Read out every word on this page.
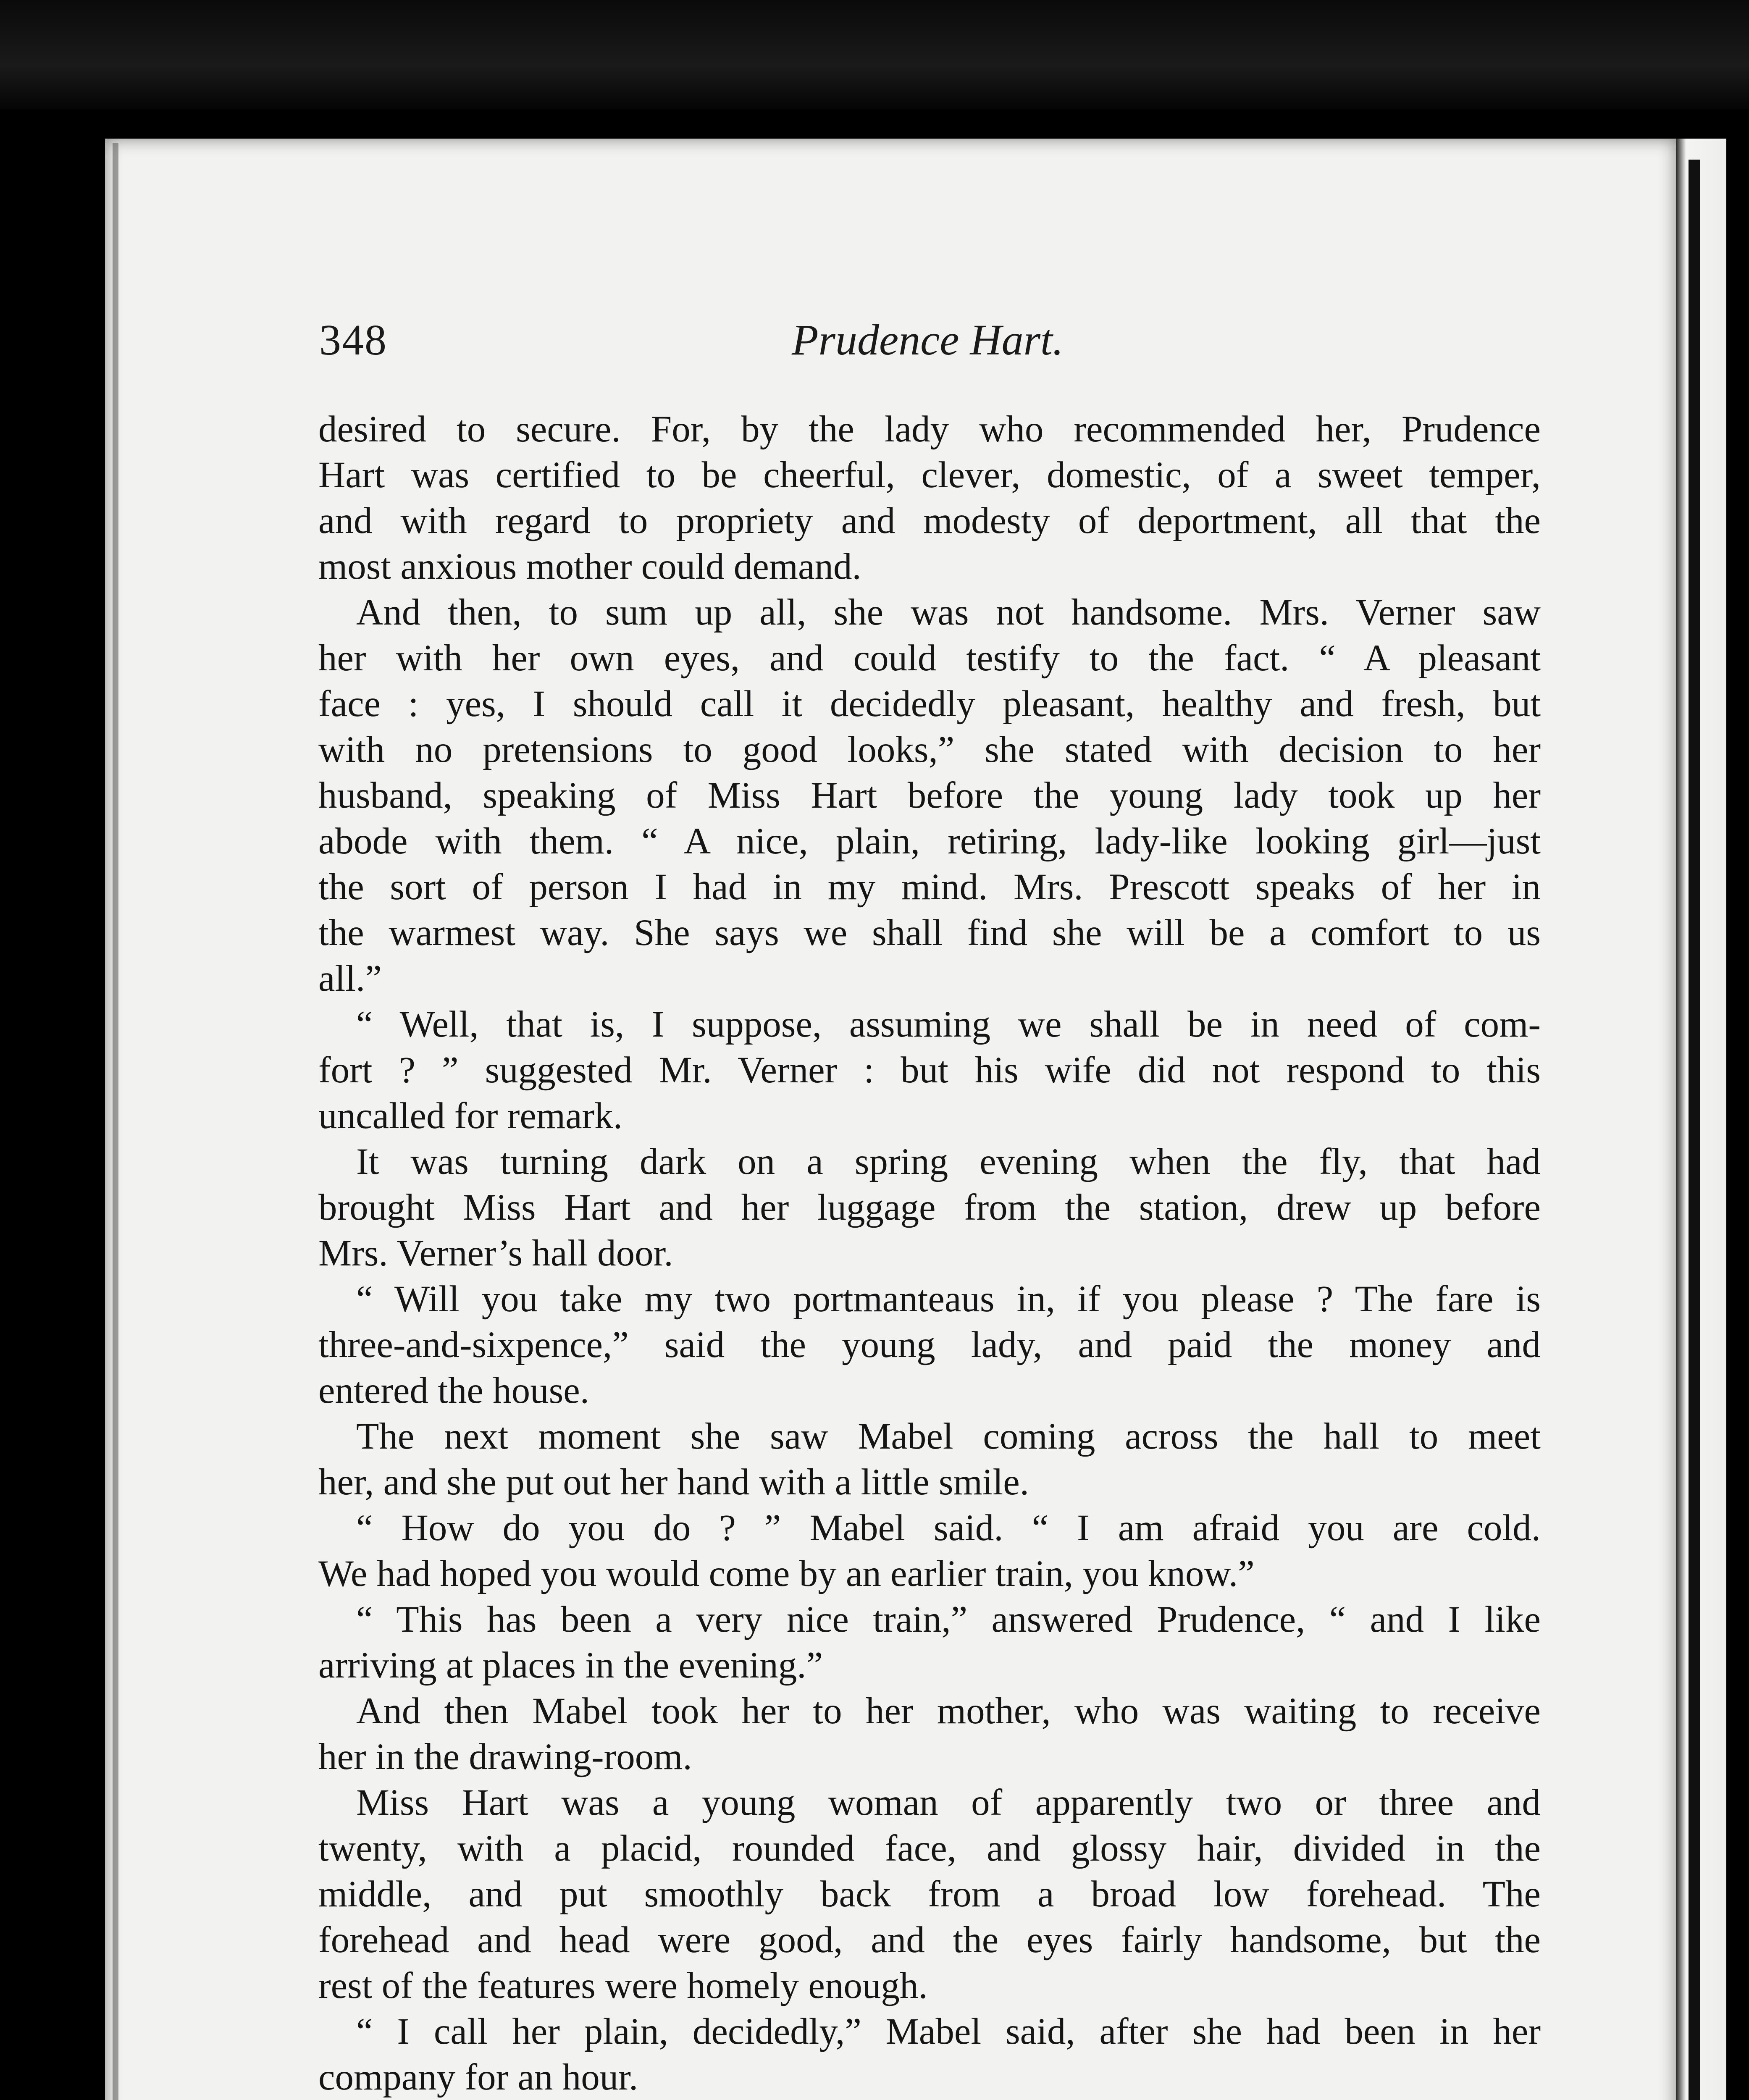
348	Prudence Hart.
desired to secure. For, by the lady who recommended her, Prudence
Hart was certified to be cheerful, clever, domestic, of a sweet temper,
and with regard to propriety and modesty of deportment, all that the
most anxious mother could demand.
And then, to sum up all, she was not handsome. Mrs. Verner saw
her with her own eyes, and could testify to the fact. “ A pleasant
face : yes, I should call it decidedly pleasant, healthy and fresh, but
with no pretensions to good looks,” she stated with decision to her
husband, speaking of Miss Hart before the young lady took up her
abode with them. “ A nice, plain, retiring, lady-like looking girl—just
the sort of person I had in my mind. Mrs. Prescott speaks of her in
the warmest way. She says we shall find she will be a comfort to us
all.”
“ Well, that is, I suppose, assuming we shall be in need of com-
fort ? ” suggested Mr. Verner : but his wife did not respond to this
uncalled for remark.
It was turning dark on a spring evening when the fly, that had
brought Miss Hart and her luggage from the station, drew up before
Mrs. Verner’s hall door.
“ Will you take my two portmanteaus in, if you please ? The fare is
three-and-sixpence,” said the young lady, and paid the money and
entered the house.
The next moment she saw Mabel coming across the hall to meet
her, and she put out her hand with a little smile.
“ How do you do ? ” Mabel said. “ I am afraid you are cold.
We had hoped you would come by an earlier train, you know.”
“ This has been a very nice train,” answered Prudence, “ and I like
arriving at places in the evening.”
And then Mabel took her to her mother, who was waiting to receive
her in the drawing-room.
Miss Hart was a young woman of apparently two or three and
twenty, with a placid, rounded face, and glossy hair, divided in the
middle, and put smoothly back from a broad low forehead. The
forehead and head were good, and the eyes fairly handsome, but the
rest of the features were homely enough.
“ I call her plain, decidedly,” Mabel said, after she had been in her
company for an hour.
